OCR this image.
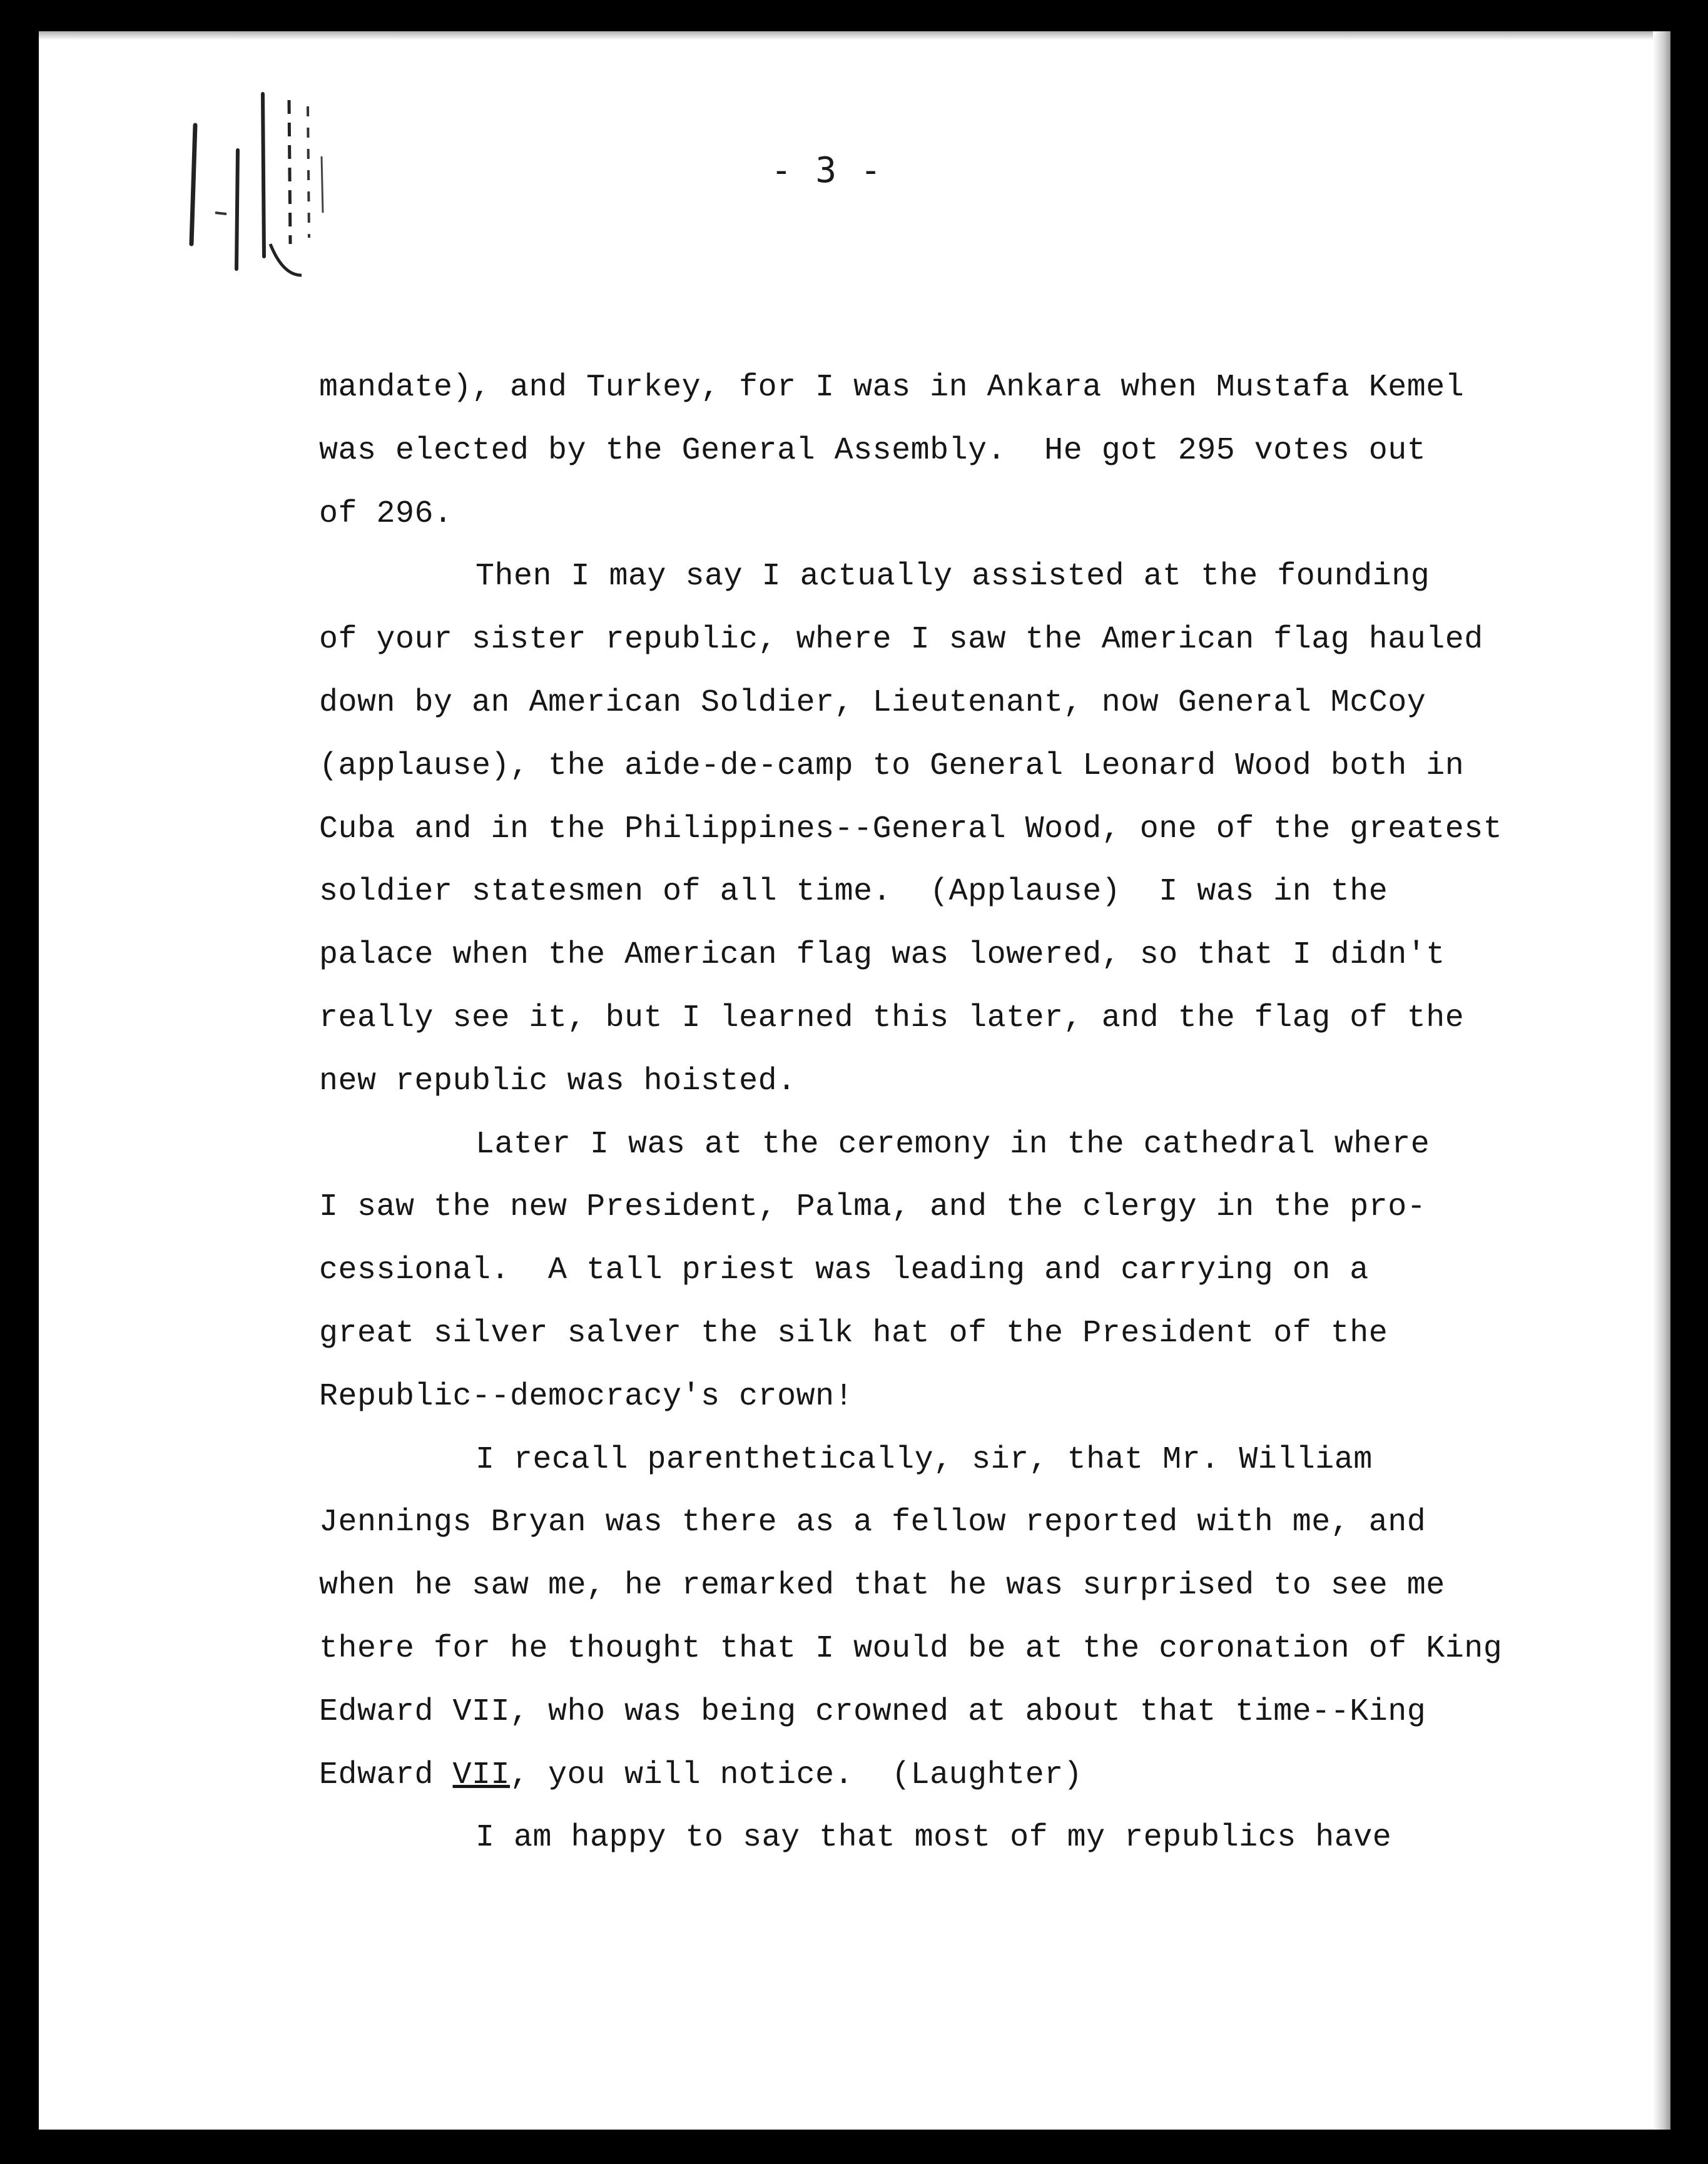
- 3 -
mandate), and Turkey, for I was in Ankara when Mustafa Kemel
was elected by the General Assembly.  He got 295 votes out
of 296.
Then I may say I actually assisted at the founding
of your sister republic, where I saw the American flag hauled
down by an American Soldier, Lieutenant, now General McCoy
(applause), the aide-de-camp to General Leonard Wood both in
Cuba and in the Philippines--General Wood, one of the greatest
soldier statesmen of all time.  (Applause)  I was in the
palace when the American flag was lowered, so that I didn't
really see it, but I learned this later, and the flag of the
new republic was hoisted.
Later I was at the ceremony in the cathedral where
I saw the new President, Palma, and the clergy in the pro-
cessional.  A tall priest was leading and carrying on a
great silver salver the silk hat of the President of the
Republic--democracy's crown!
I recall parenthetically, sir, that Mr. William
Jennings Bryan was there as a fellow reported with me, and
when he saw me, he remarked that he was surprised to see me
there for he thought that I would be at the coronation of King
Edward VII, who was being crowned at about that time--King
Edward VII, you will notice.  (Laughter)
I am happy to say that most of my republics have
